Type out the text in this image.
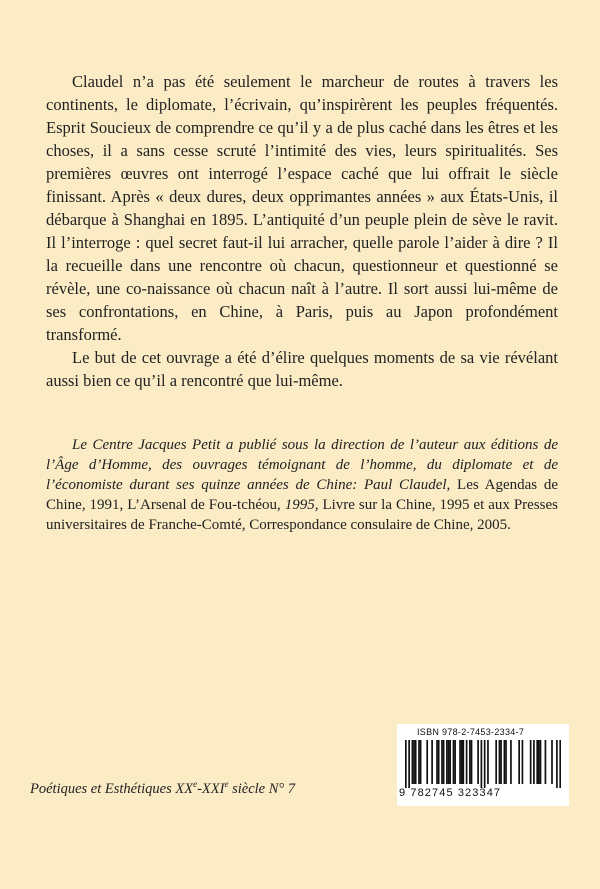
Claudel n’a pas été seulement le marcheur de routes à travers les continents, le diplomate, l’écrivain, qu’inspirèrent les peuples fréquentés. Esprit Soucieux de comprendre ce qu’il y a de plus caché dans les êtres et les choses, il a sans cesse scruté l’intimité des vies, leurs spiritualités. Ses premières œuvres ont interrogé l’espace caché que lui offrait le siècle finissant. Après « deux dures, deux opprimantes années » aux États-Unis, il débarque à Shanghai en 1895. L’antiquité d’un peuple plein de sève le ravit. Il l’interroge : quel secret faut-il lui arracher, quelle parole l’aider à dire ? Il la recueille dans une rencontre où chacun, questionneur et questionné se révèle, une co-naissance où chacun naît à l’autre. Il sort aussi lui-même de ses confrontations, en Chine, à Paris, puis au Japon profondément transformé.

Le but de cet ouvrage a été d’élire quelques moments de sa vie révélant aussi bien ce qu’il a rencontré que lui-même.

Le Centre Jacques Petit a publié sous la direction de l’auteur aux éditions de l’Âge d’Homme, des ouvrages témoignant de l’homme, du diplomate et de l’économiste durant ses quinze années de Chine: Paul Claudel, Les Agendas de Chine, 1991, L’Arsenal de Fou-tchéou, 1995, Livre sur la Chine, 1995 et aux Presses universitaires de Franche-Comté, Correspondance consulaire de Chine, 2005.

ISBN 978-2-7453-2334-7
9 782745 323347
Poétiques et Esthétiques XXe-XXIe siècle N° 7
